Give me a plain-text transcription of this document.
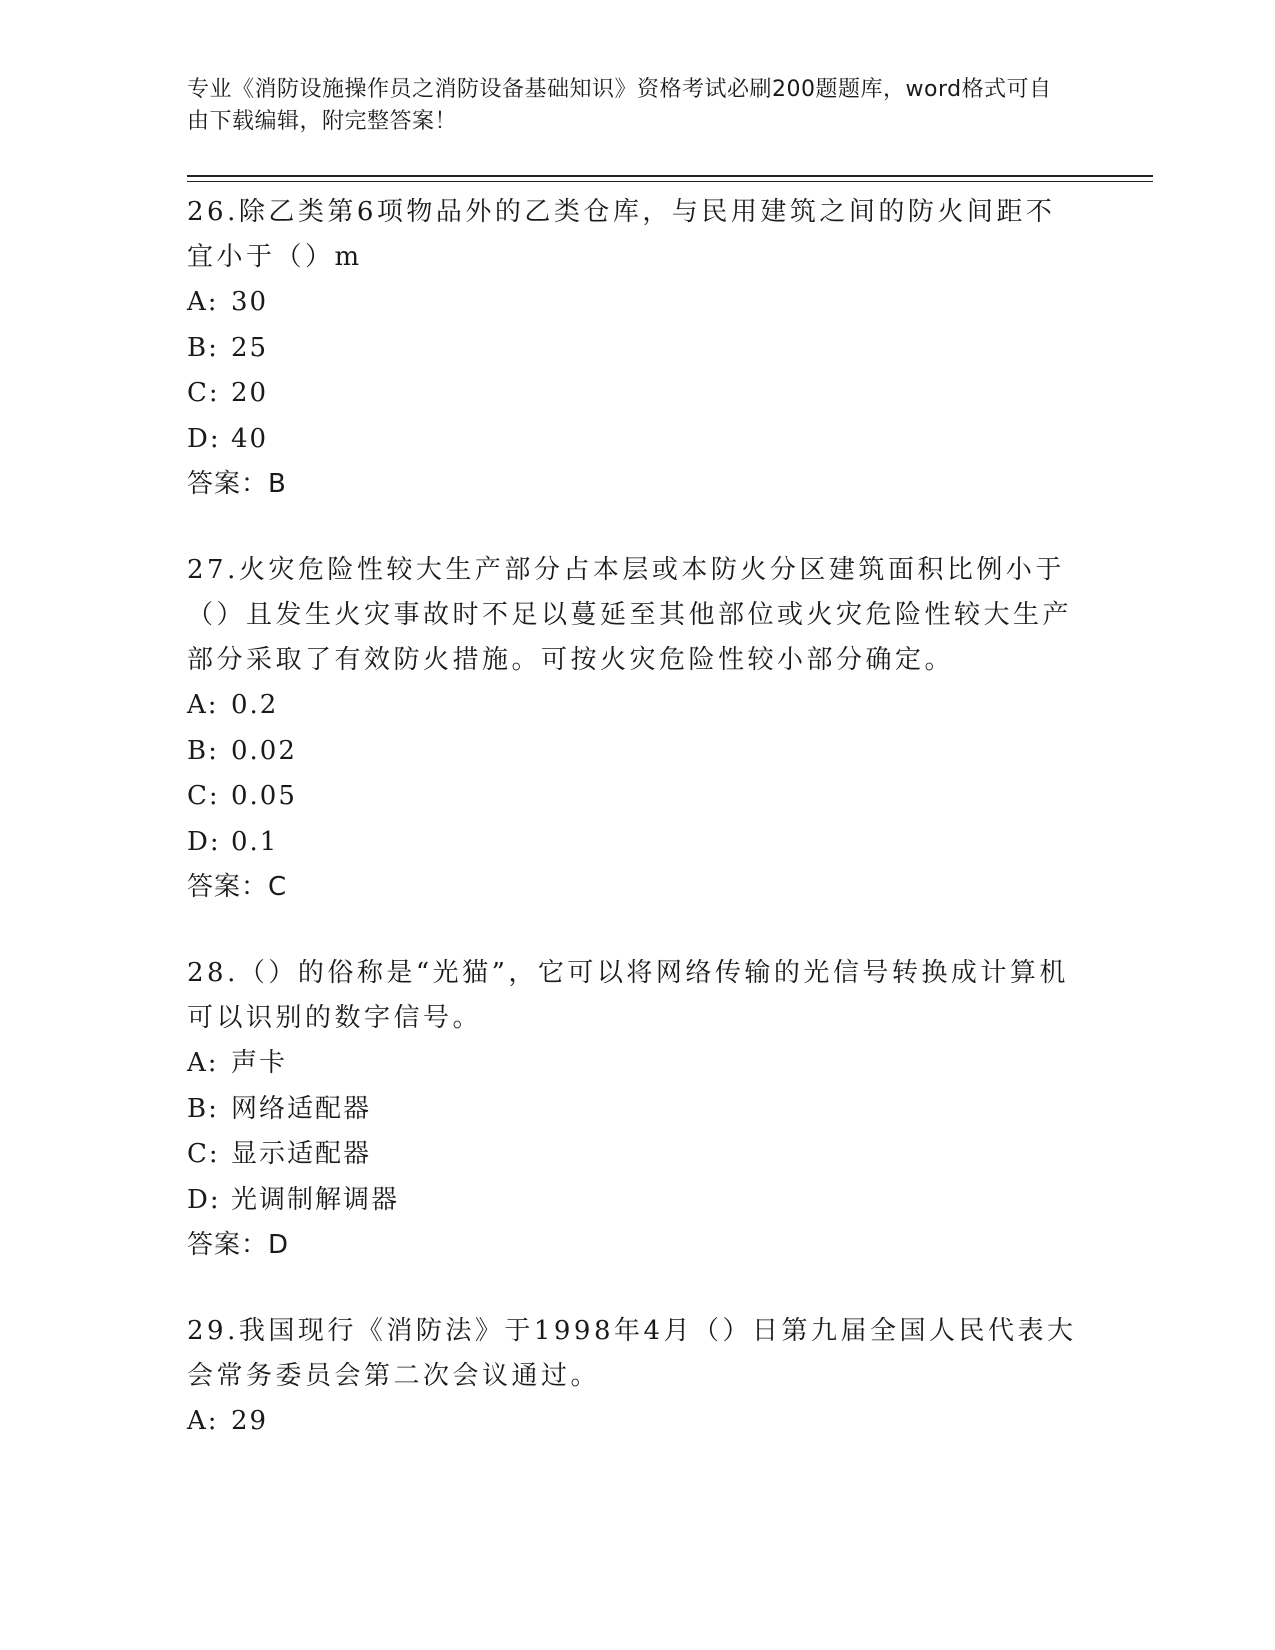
专业《消防设施操作员之消防设备基础知识》资格考试必刷200题题库，word格式可自由下载编辑，附完整答案！

26.除乙类第6项物品外的乙类仓库，与民用建筑之间的防火间距不宜小于（）m

A: 30

B: 25

C: 20

D: 40

答案：B

27.火灾危险性较大生产部分占本层或本防火分区建筑面积比例小于（）且发生火灾事故时不足以蔓延至其他部位或火灾危险性较大生产部分采取了有效防火措施。可按火灾危险性较小部分确定。

A: 0.2

B: 0.02

C: 0.05

D: 0.1

答案：C

28.（）的俗称是“光猫”，它可以将网络传输的光信号转换成计算机可以识别的数字信号。

A: 声卡

B: 网络适配器

C: 显示适配器

D: 光调制解调器

答案：D

29.我国现行《消防法》于1998年4月（）日第九届全国人民代表大会常务委员会第二次会议通过。

A: 29
